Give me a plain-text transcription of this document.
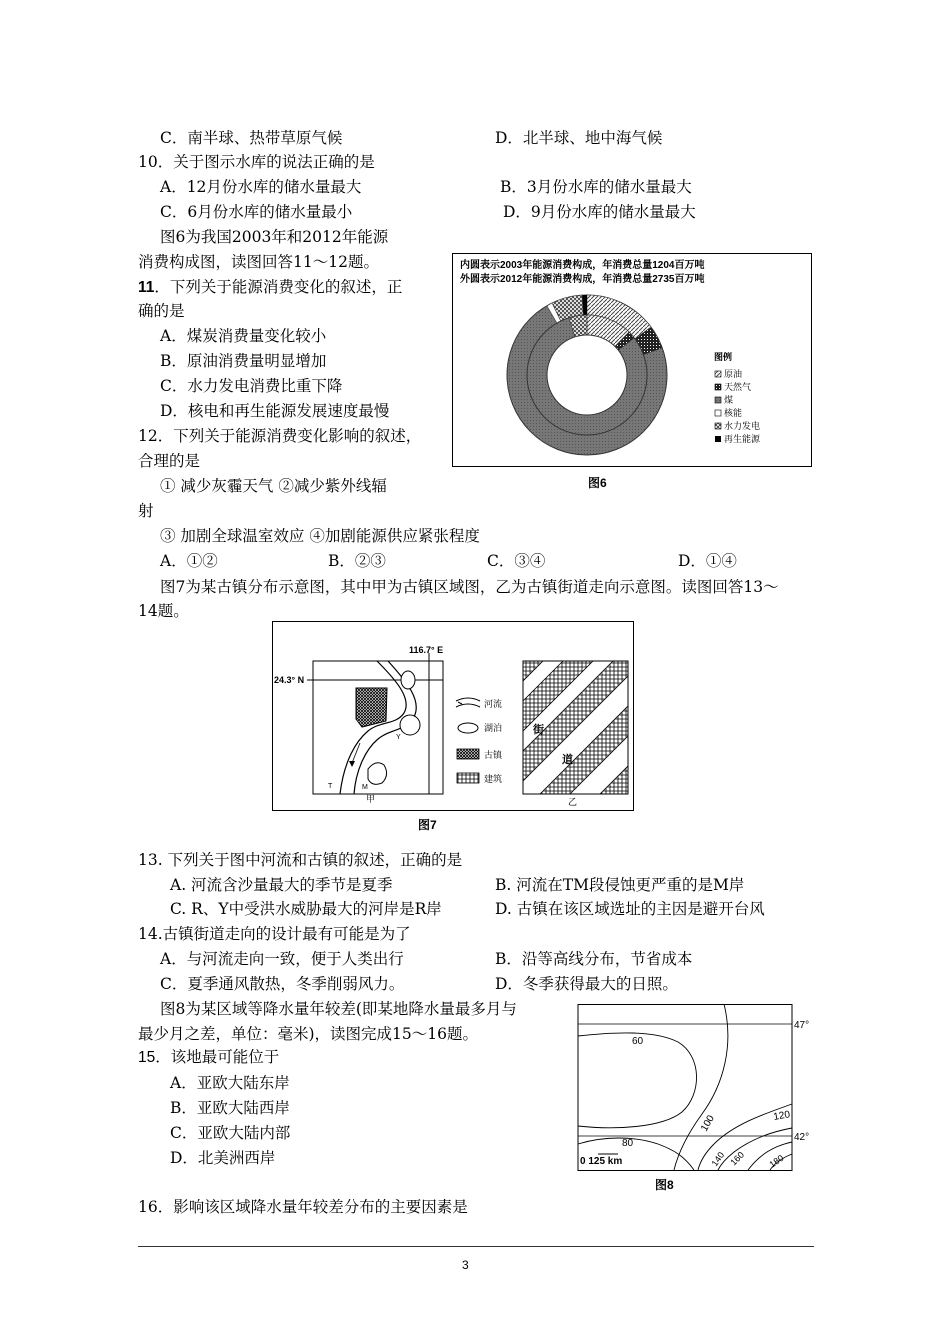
C．南半球、热带草原气候	D．北半球、地中海气候
10．关于图示水库的说法正确的是
A．12月份水库的储水量最大	B．3月份水库的储水量最大
C．6月份水库的储水量最小	D．9月份水库的储水量最大
图6为我国2003年和2012年能源
消费构成图，读图回答11～12题。
11．下列关于能源消费变化的叙述，正
确的是
A．煤炭消费量变化较小
B．原油消费量明显增加
C．水力发电消费比重下降
D．核电和再生能源发展速度最慢
12．下列关于能源消费变化影响的叙述，
合理的是
① 减少灰霾天气 ②减少紫外线辐
射
③ 加剧全球温室效应 ④加剧能源供应紧张程度
A．①②	B．②③	C．③④	D．①④
内圆表示2003年能源消费构成，年消费总量1204百万吨
外圆表示2012年能源消费构成，年消费总量2735百万吨
图例
原油
天然气
煤
核能
水力发电
再生能源
图6
图7为某古镇分布示意图，其中甲为古镇区域图，乙为古镇街道走向示意图。读图回答13～
14题。
116.7° E
24.3° N
T	M
Y
甲
河流
湖泊
古镇
建筑
街
道
乙
图7
13. 下列关于图中河流和古镇的叙述，正确的是
A. 河流含沙量最大的季节是夏季	B. 河流在TM段侵蚀更严重的是M岸
C. R、Y中受洪水威胁最大的河岸是R岸	D. 古镇在该区域选址的主因是避开台风
14.古镇街道走向的设计最有可能是为了
A．与河流走向一致，便于人类出行	B．沿等高线分布，节省成本
C．夏季通风散热，冬季削弱风力。	D．冬季获得最大的日照。
图8为某区域等降水量年较差(即某地降水量最多月与
最少月之差，单位：毫米)，读图完成15～16题。
15．该地最可能位于
A．亚欧大陆东岸
B．亚欧大陆西岸
C．亚欧大陆内部
D．北美洲西岸
47°
42°
60
80
100	120
140 160 180
0 125 km
图8
16．影响该区域降水量年较差分布的主要因素是
3
